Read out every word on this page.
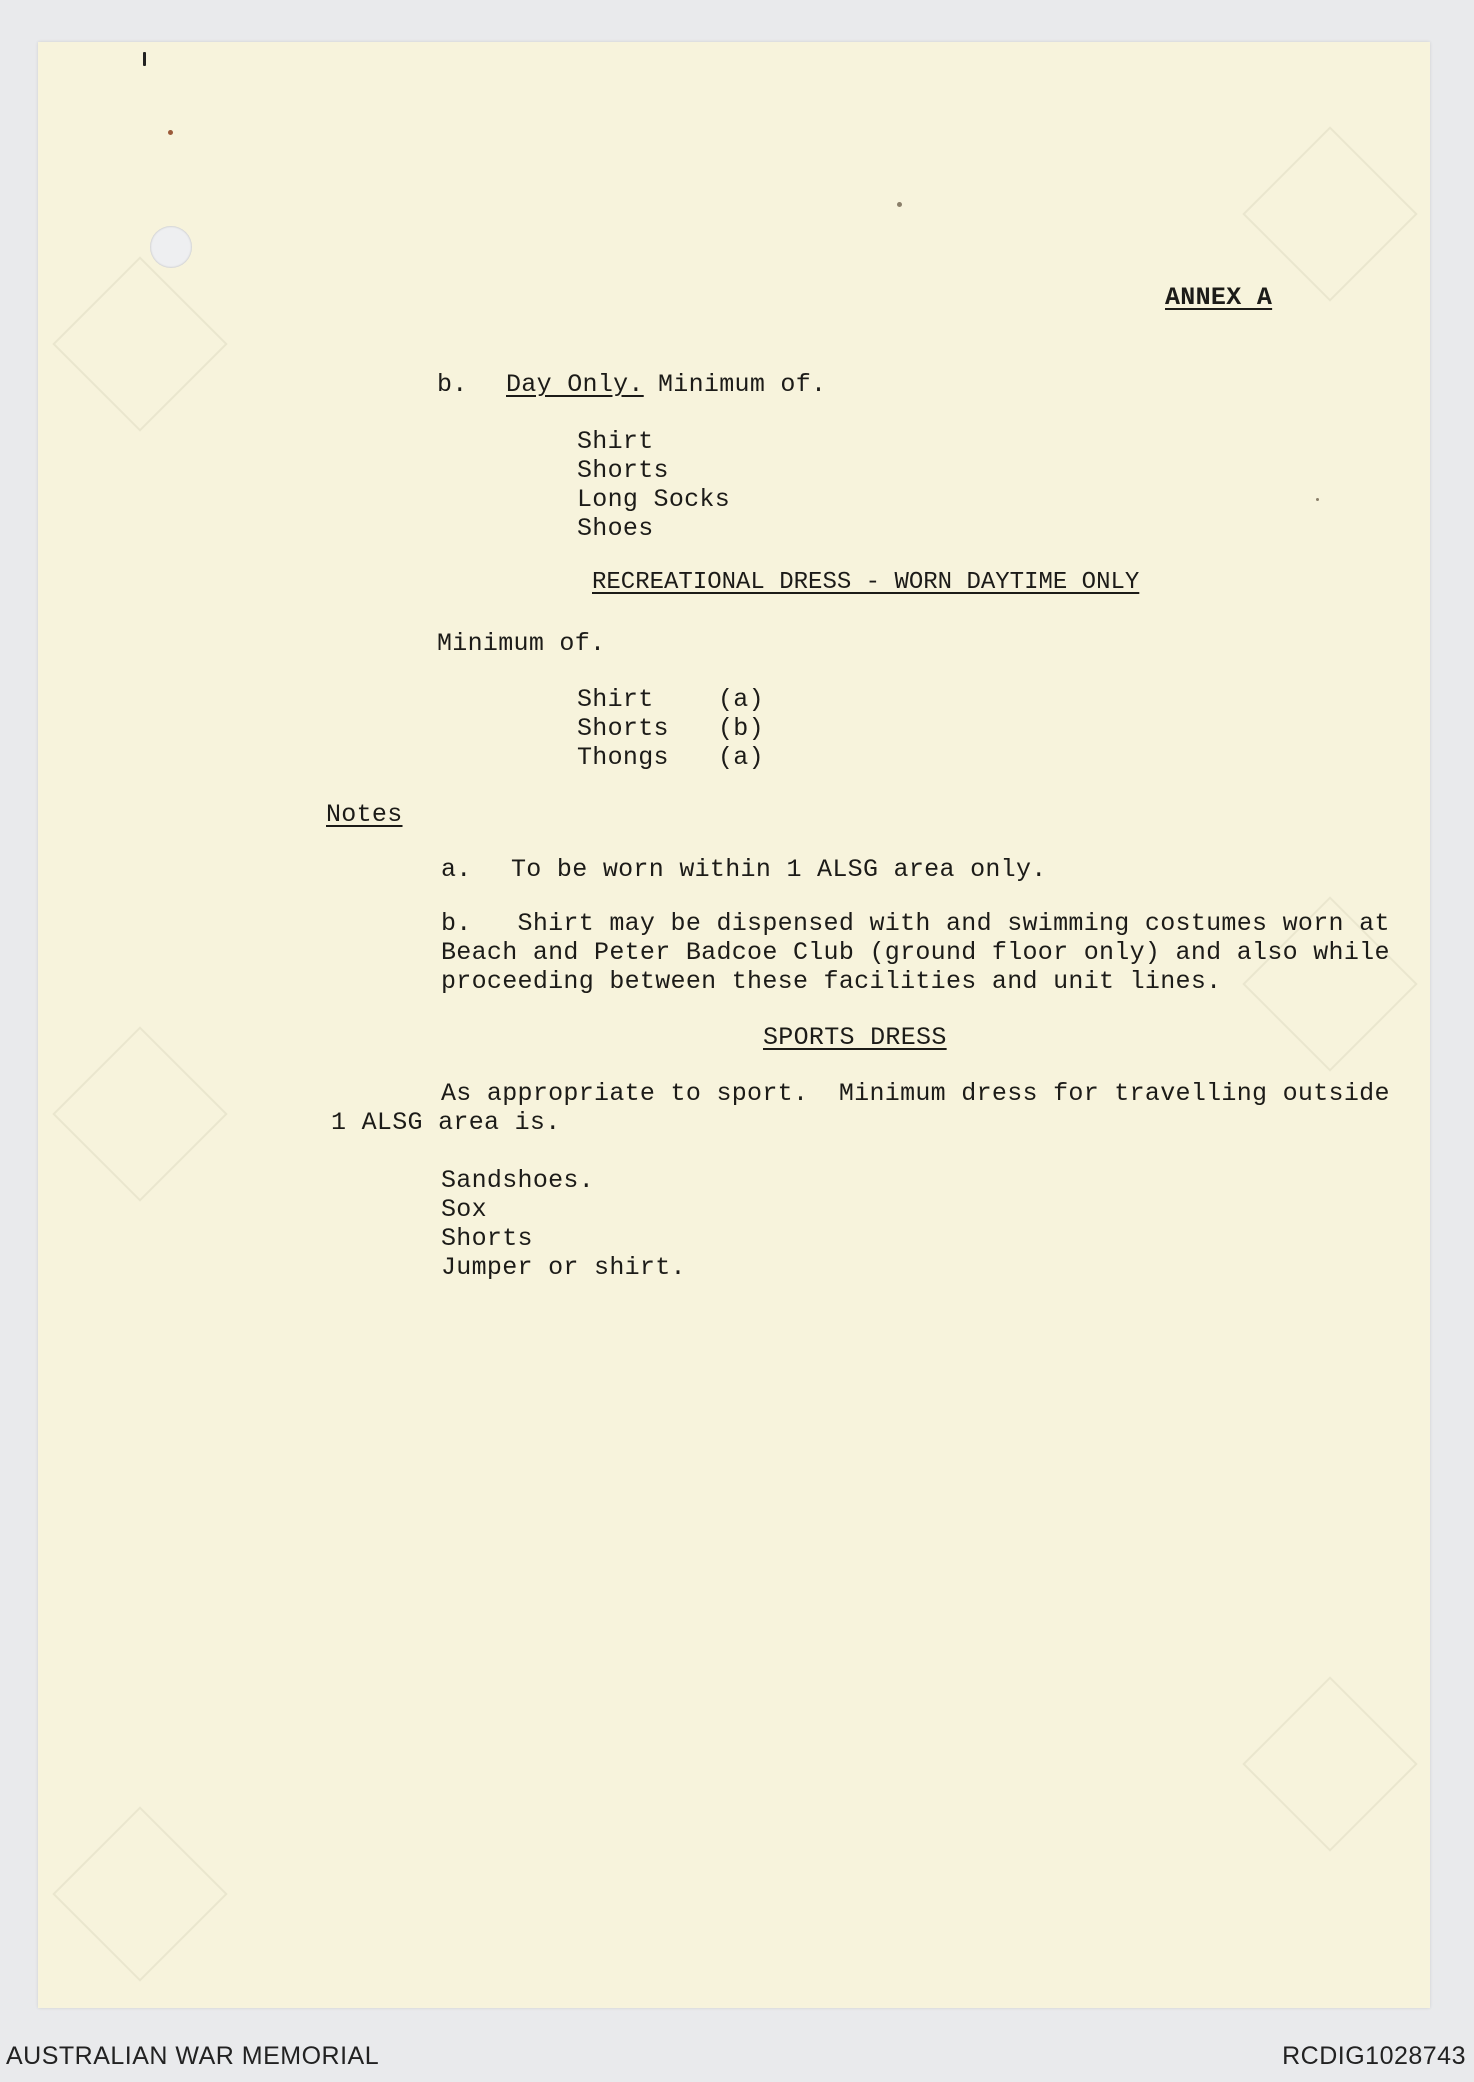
ANNEX A
b. Day Only. Minimum of.
Shirt
Shorts
Long Socks
Shoes
RECREATIONAL DRESS - WORN DAYTIME ONLY
Minimum of.
Shirt	(a)
Shorts (b)
Thongs (a)
Notes
a. To be worn within 1 ALSG area only.
b.   Shirt may be dispensed with and swimming costumes worn at
Beach and Peter Badcoe Club (ground floor only) and also while
proceeding between these facilities and unit lines.
SPORTS DRESS
As appropriate to sport.  Minimum dress for travelling outside
1 ALSG area is.
Sandshoes.
Sox
Shorts
Jumper or shirt.
AUSTRALIAN WAR MEMORIAL	RCDIG1028743
